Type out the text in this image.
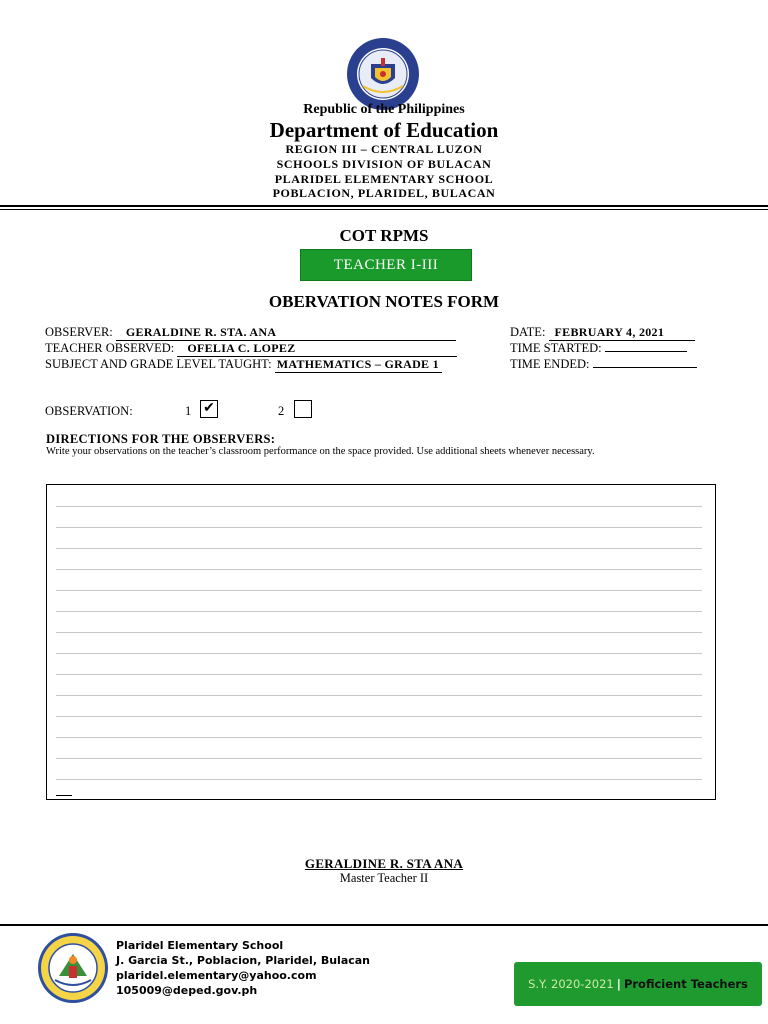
Republic of the Philippines
Department of Education
REGION III – CENTRAL LUZON
SCHOOLS DIVISION OF BULACAN
PLARIDEL ELEMENTARY SCHOOL
POBLACION, PLARIDEL, BULACAN
COT RPMS
TEACHER I-III
OBERVATION NOTES FORM
OBSERVER: GERALDINE R. STA. ANA
TEACHER OBSERVED: OFELIA C. LOPEZ
SUBJECT AND GRADE LEVEL TAUGHT: MATHEMATICS – GRADE 1
DATE: FEBRUARY 4, 2021
TIME STARTED:
TIME ENDED:
OBSERVATION:	1 ✔	2
DIRECTIONS FOR THE OBSERVERS:
Write your observations on the teacher’s classroom performance on the space provided. Use additional sheets whenever necessary.
GERALDINE R. STA ANA
Master Teacher II
Plaridel Elementary School
J. Garcia St., Poblacion, Plaridel, Bulacan
plaridel.elementary@yahoo.com
105009@deped.gov.ph	S.Y. 2020-2021 | Proficient Teachers
